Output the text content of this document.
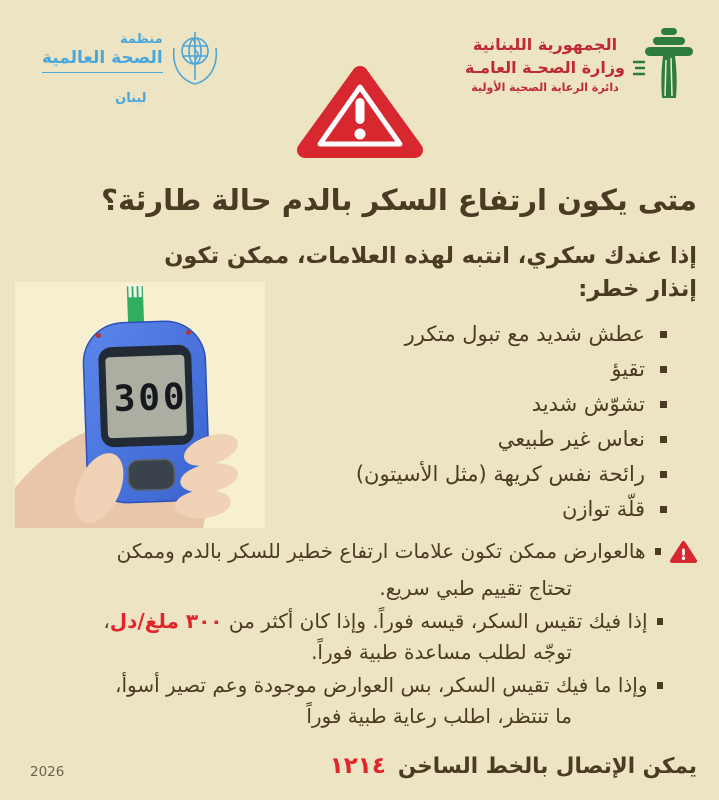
منظمة
الصحة العالمية
لبنان
الجمهورية اللبنانية
وزارة الصحـة العامـة
دائرة الرعاية الصحية الأولية
متى يكون ارتفاع السكر بالدم حالة طارئة؟
إذا عندك سكري، انتبه لهذه العلامات، ممكن تكون
إنذار خطر:
عطش شديد مع تبول متكرر
تقيؤ
تشوّش شديد
نعاس غير طبيعي
رائحة نفس كريهة (مثل الأسيتون)
قلّة توازن
300
هالعوارض ممكن تكون علامات ارتفاع خطير للسكر بالدم وممكن
تحتاج تقييم طبي سريع.
إذا فيك تقيس السكر، قيسه فوراً. وإذا كان أكثر من ٣٠٠ ملغ/دل،
توجّه لطلب مساعدة طبية فوراً.
وإذا ما فيك تقيس السكر، بس العوارض موجودة وعم تصير أسوأ،
ما تنتظر، اطلب رعاية طبية فوراً
يمكن الإتصال بالخط الساخن١٢١٤
2026
